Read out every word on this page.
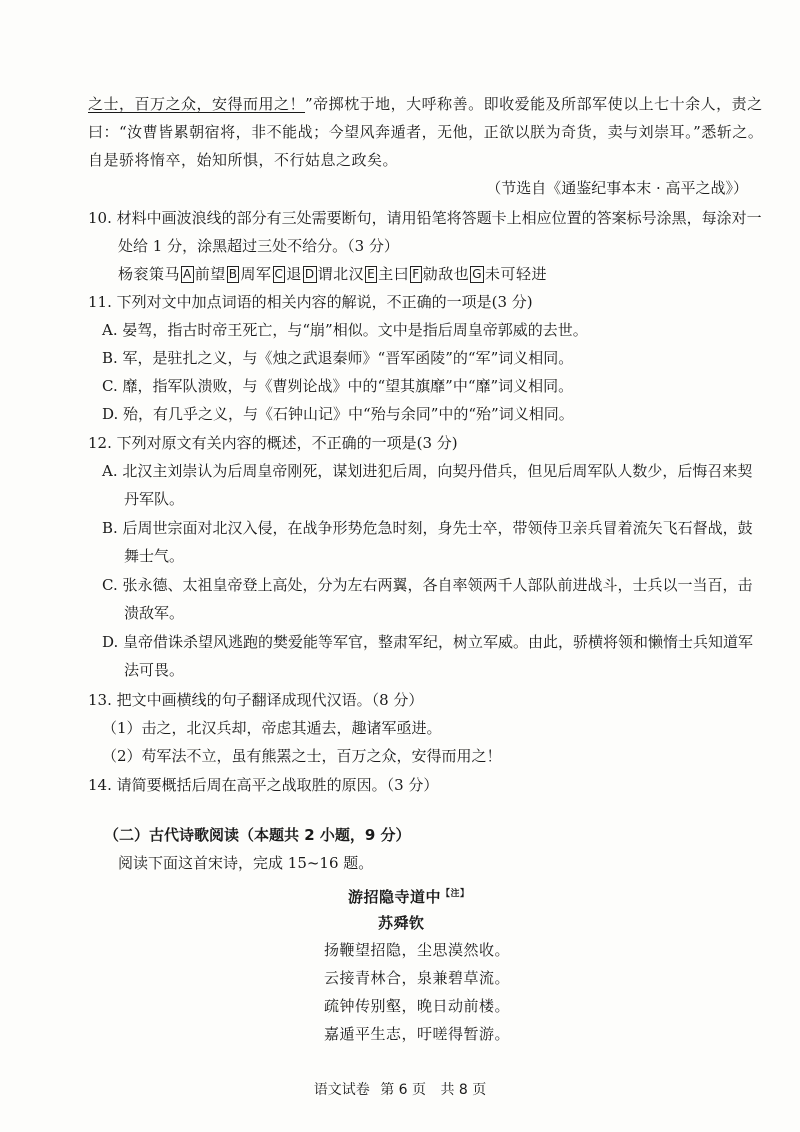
之士，百万之众，安得而用之！”帝掷枕于地，大呼称善。即收爱能及所部军使以上七十余人，责之
曰：“汝曹皆累朝宿将，非不能战；今望风奔遁者，无他，正欲以朕为奇货，卖与刘崇耳。”悉斩之。
自是骄将惰卒，始知所惧，不行姑息之政矣。
（节选自《通鉴纪事本末 · 高平之战》）
10. 材料中画波浪线的部分有三处需要断句，请用铅笔将答题卡上相应位置的答案标号涂黑，每涂对一
处给 1 分，涂黑超过三处不给分。（3 分）
杨衮策马 A 前望 B 周军 C 退 D 谓北汉 E 主曰 F 勍敌也 G 未可轻进
11. 下列对文中加点词语的相关内容的解说，不正确的一项是(3 分)
A. 晏驾，指古时帝王死亡，与“崩”相似。文中是指后周皇帝郭威的去世。
B. 军，是驻扎之义，与《烛之武退秦师》“晋军函陵”的“军”词义相同。
C. 靡，指军队溃败，与《曹刿论战》中的“望其旗靡”中“靡”词义相同。
D. 殆，有几乎之义，与《石钟山记》中“殆与余同”中的“殆”词义相同。
12. 下列对原文有关内容的概述，不正确的一项是(3 分)
A. 北汉主刘崇认为后周皇帝刚死，谋划进犯后周，向契丹借兵，但见后周军队人数少，后悔召来契
丹军队。
B. 后周世宗面对北汉入侵，在战争形势危急时刻，身先士卒，带领侍卫亲兵冒着流矢飞石督战，鼓
舞士气。
C. 张永德、太祖皇帝登上高处，分为左右两翼，各自率领两千人部队前进战斗，士兵以一当百，击
溃敌军。
D. 皇帝借诛杀望风逃跑的樊爱能等军官，整肃军纪，树立军威。由此，骄横将领和懒惰士兵知道军
法可畏。
13. 把文中画横线的句子翻译成现代汉语。（8 分）
（1）击之，北汉兵却，帝虑其遁去，趣诸军亟进。
（2）苟军法不立，虽有熊罴之士，百万之众，安得而用之！
14. 请简要概括后周在高平之战取胜的原因。（3 分）
（二）古代诗歌阅读（本题共 2 小题，9 分）
阅读下面这首宋诗，完成 15~16 题。
游招隐寺道中$^{【注】}$
苏舜钦
扬鞭望招隐，尘思漠然收。
云接青林合，泉兼碧草流。
疏钟传别壑，晚日动前楼。
嘉遁平生志，吁嗟得暂游。
语文试卷 第 6 页 共 8 页
